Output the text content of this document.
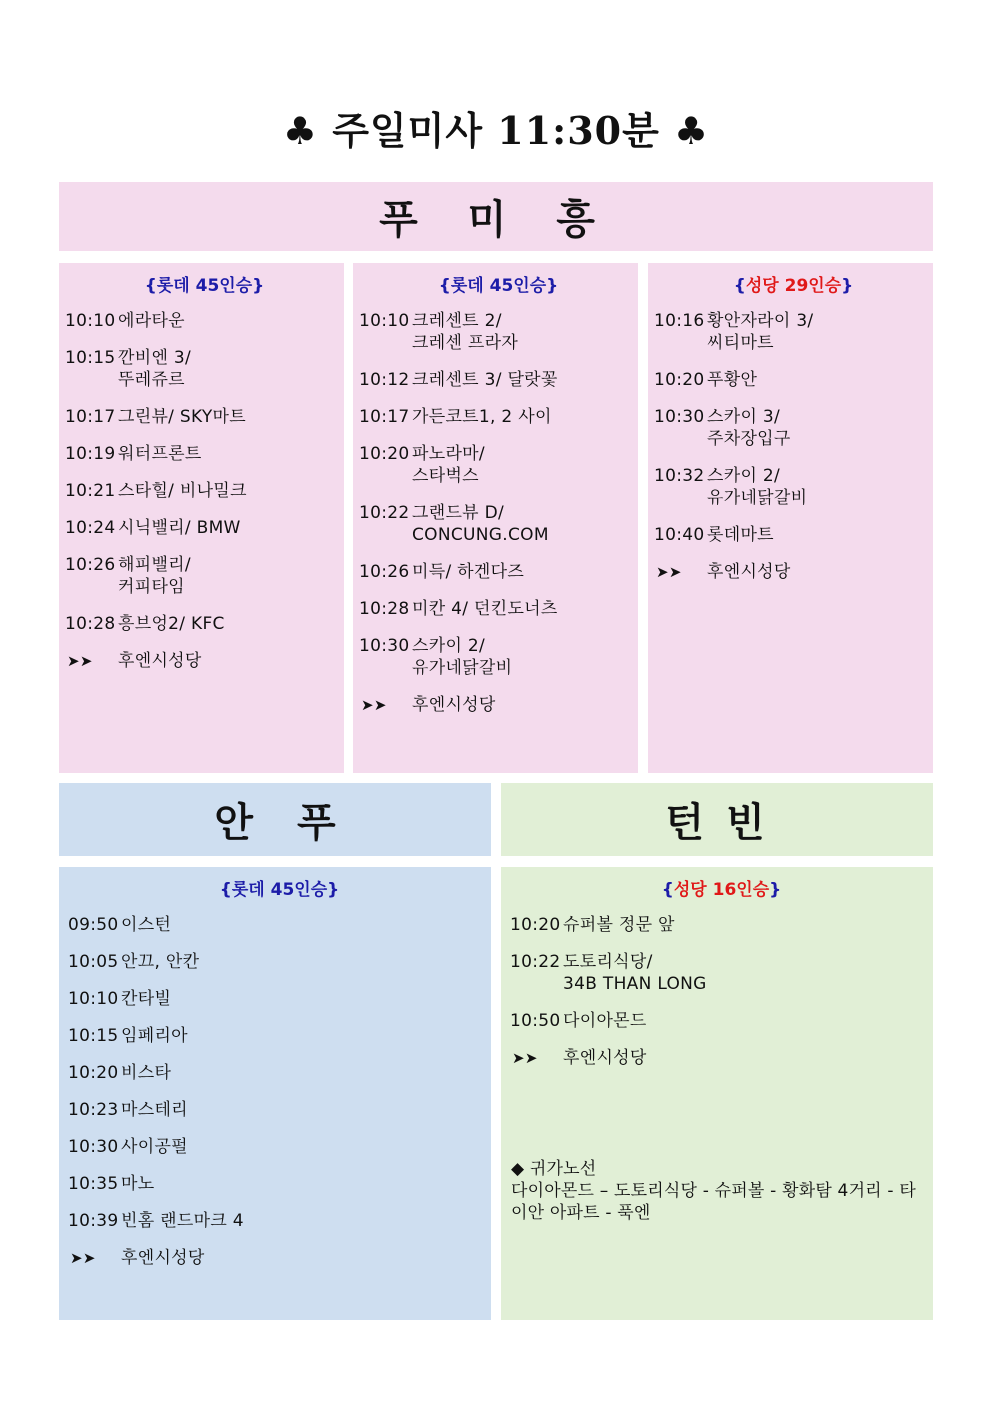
♣ 주일미사 11:30분 ♣
푸 미 흥
{롯데 45인승}
10:10 에라타운
10:15 깐비엔 3/
뚜레쥬르
10:17 그린뷰/ SKY마트
10:19 워터프론트
10:21 스타힐/ 비나밀크
10:24 시닉밸리/ BMW
10:26 해피밸리/
커피타임
10:28 흥브엉2/ KFC
➤➤	후엔시성당
{롯데 45인승}
10:10 크레센트 2/
크레센 프라자
10:12 크레센트 3/ 달랏꽃
10:17 가든코트1, 2 사이
10:20 파노라마/
스타벅스
10:22 그랜드뷰 D/
CONCUNG.COM
10:26 미득/ 하겐다즈
10:28 미칸 4/ 던킨도너츠
10:30 스카이 2/
유가네닭갈비
➤➤	후엔시성당
{성당 29인승}
10:16 황안자라이 3/
씨티마트
10:20 푸황안
10:30 스카이 3/
주차장입구
10:32 스카이 2/
유가네닭갈비
10:40 롯데마트
➤➤	후엔시성당
안 푸	턴 빈
{롯데 45인승}
09:50 이스턴
10:05 안끄, 안칸
10:10 칸타빌
10:15 임페리아
10:20 비스타
10:23 마스테리
10:30 사이공펄
10:35 마노
10:39 빈홈 랜드마크 4
➤➤	후엔시성당
{성당 16인승}
10:20 슈퍼볼 정문 앞
10:22 도토리식당/
34B THAN LONG
10:50 다이아몬드
➤➤	후엔시성당
◆ 귀가노선
다이아몬드 – 도토리식당 - 슈퍼볼 - 황화탐 4거리 - 타이안 아파트 - 푹엔
